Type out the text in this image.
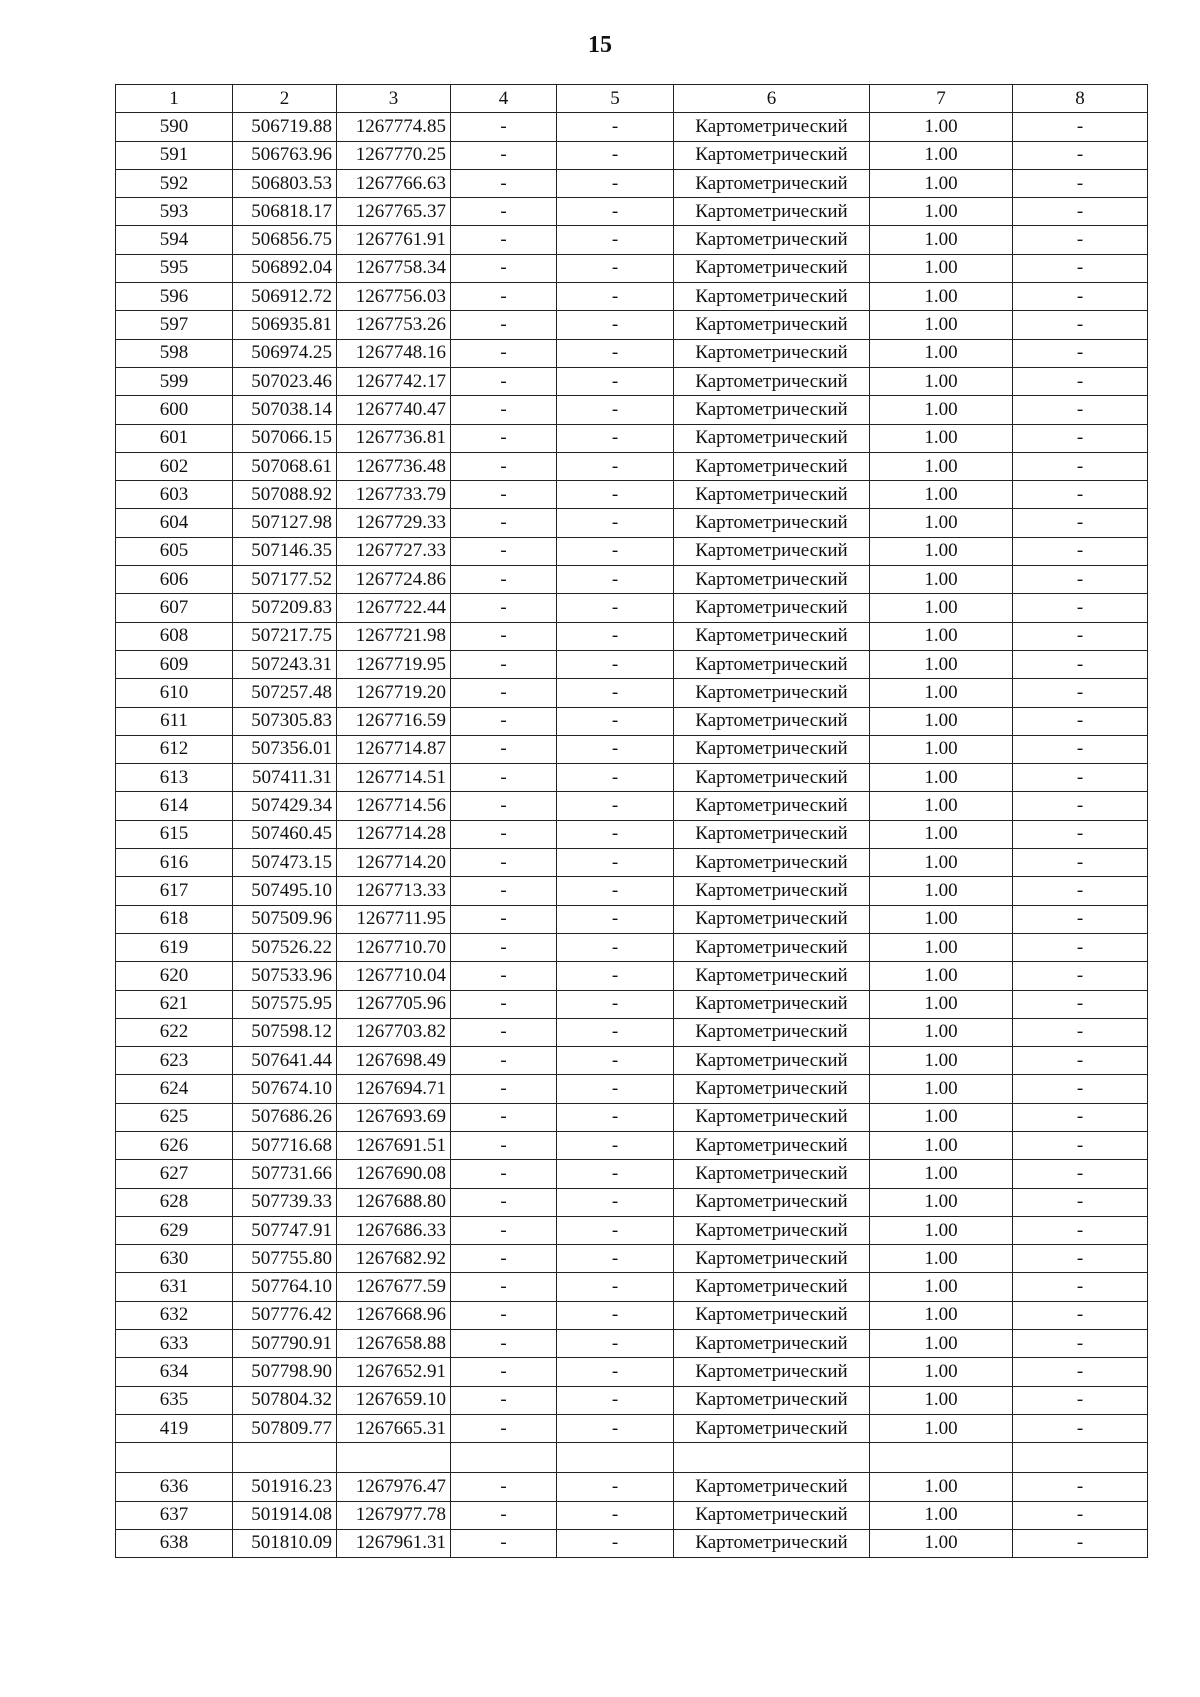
15
1	2	3	4	5	6	7	8
590	506719.88	1267774.85	-	-	Картометрический	1.00	-
591	506763.96	1267770.25	-	-	Картометрический	1.00	-
592	506803.53	1267766.63	-	-	Картометрический	1.00	-
593	506818.17	1267765.37	-	-	Картометрический	1.00	-
594	506856.75	1267761.91	-	-	Картометрический	1.00	-
595	506892.04	1267758.34	-	-	Картометрический	1.00	-
596	506912.72	1267756.03	-	-	Картометрический	1.00	-
597	506935.81	1267753.26	-	-	Картометрический	1.00	-
598	506974.25	1267748.16	-	-	Картометрический	1.00	-
599	507023.46	1267742.17	-	-	Картометрический	1.00	-
600	507038.14	1267740.47	-	-	Картометрический	1.00	-
601	507066.15	1267736.81	-	-	Картометрический	1.00	-
602	507068.61	1267736.48	-	-	Картометрический	1.00	-
603	507088.92	1267733.79	-	-	Картометрический	1.00	-
604	507127.98	1267729.33	-	-	Картометрический	1.00	-
605	507146.35	1267727.33	-	-	Картометрический	1.00	-
606	507177.52	1267724.86	-	-	Картометрический	1.00	-
607	507209.83	1267722.44	-	-	Картометрический	1.00	-
608	507217.75	1267721.98	-	-	Картометрический	1.00	-
609	507243.31	1267719.95	-	-	Картометрический	1.00	-
610	507257.48	1267719.20	-	-	Картометрический	1.00	-
611	507305.83	1267716.59	-	-	Картометрический	1.00	-
612	507356.01	1267714.87	-	-	Картометрический	1.00	-
613	507411.31	1267714.51	-	-	Картометрический	1.00	-
614	507429.34	1267714.56	-	-	Картометрический	1.00	-
615	507460.45	1267714.28	-	-	Картометрический	1.00	-
616	507473.15	1267714.20	-	-	Картометрический	1.00	-
617	507495.10	1267713.33	-	-	Картометрический	1.00	-
618	507509.96	1267711.95	-	-	Картометрический	1.00	-
619	507526.22	1267710.70	-	-	Картометрический	1.00	-
620	507533.96	1267710.04	-	-	Картометрический	1.00	-
621	507575.95	1267705.96	-	-	Картометрический	1.00	-
622	507598.12	1267703.82	-	-	Картометрический	1.00	-
623	507641.44	1267698.49	-	-	Картометрический	1.00	-
624	507674.10	1267694.71	-	-	Картометрический	1.00	-
625	507686.26	1267693.69	-	-	Картометрический	1.00	-
626	507716.68	1267691.51	-	-	Картометрический	1.00	-
627	507731.66	1267690.08	-	-	Картометрический	1.00	-
628	507739.33	1267688.80	-	-	Картометрический	1.00	-
629	507747.91	1267686.33	-	-	Картометрический	1.00	-
630	507755.80	1267682.92	-	-	Картометрический	1.00	-
631	507764.10	1267677.59	-	-	Картометрический	1.00	-
632	507776.42	1267668.96	-	-	Картометрический	1.00	-
633	507790.91	1267658.88	-	-	Картометрический	1.00	-
634	507798.90	1267652.91	-	-	Картометрический	1.00	-
635	507804.32	1267659.10	-	-	Картометрический	1.00	-
419	507809.77	1267665.31	-	-	Картометрический	1.00	-

636	501916.23	1267976.47	-	-	Картометрический	1.00	-
637	501914.08	1267977.78	-	-	Картометрический	1.00	-
638	501810.09	1267961.31	-	-	Картометрический	1.00	-
